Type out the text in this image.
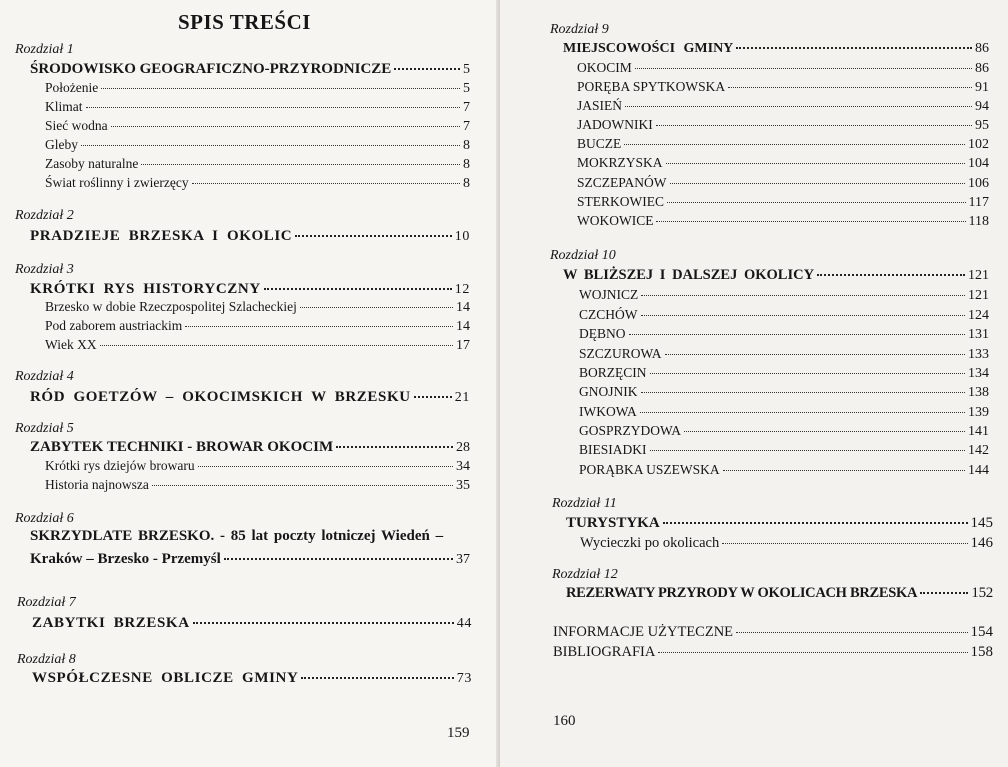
SPIS TREŚCI
Rozdział 1
ŚRODOWISKO GEOGRAFICZNO-PRZYRODNICZE	5
Położenie	5
Klimat	7
Sieć wodna	7
Gleby	8
Zasoby naturalne	8
Świat roślinny i zwierzęcy	8
Rozdział 2
PRADZIEJE BRZESKA I OKOLIC	10
Rozdział 3
KRÓTKI RYS HISTORYCZNY	12
Brzesko w dobie Rzeczpospolitej Szlacheckiej	14
Pod zaborem austriackim	14
Wiek XX	17
Rozdział 4
RÓD GOETZÓW – OKOCIMSKICH W BRZESKU	21
Rozdział 5
ZABYTEK TECHNIKI - BROWAR OKOCIM	28
Krótki rys dziejów browaru	34
Historia najnowsza	35
Rozdział 6
SKRZYDLATE BRZESKO. - 85 lat poczty lotniczej Wiedeń –
Kraków – Brzesko - Przemyśl	37
Rozdział 7
ZABYTKI BRZESKA	44
Rozdział 8
WSPÓŁCZESNE OBLICZE GMINY	73
159
Rozdział 9
MIEJSCOWOŚCI GMINY	86
OKOCIM	86
PORĘBA SPYTKOWSKA	91
JASIEŃ	94
JADOWNIKI	95
BUCZE	102
MOKRZYSKA	104
SZCZEPANÓW	106
STERKOWIEC	117
WOKOWICE	118
Rozdział 10
W BLIŻSZEJ I DALSZEJ OKOLICY	121
WOJNICZ	121
CZCHÓW	124
DĘBNO	131
SZCZUROWA	133
BORZĘCIN	134
GNOJNIK	138
IWKOWA	139
GOSPRZYDOWA	141
BIESIADKI	142
PORĄBKA USZEWSKA	144
Rozdział 11
TURYSTYKA	145
Wycieczki po okolicach	146
Rozdział 12
REZERWATY PRZYRODY W OKOLICACH BRZESKA	152
INFORMACJE UŻYTECZNE	154
BIBLIOGRAFIA	158
160
